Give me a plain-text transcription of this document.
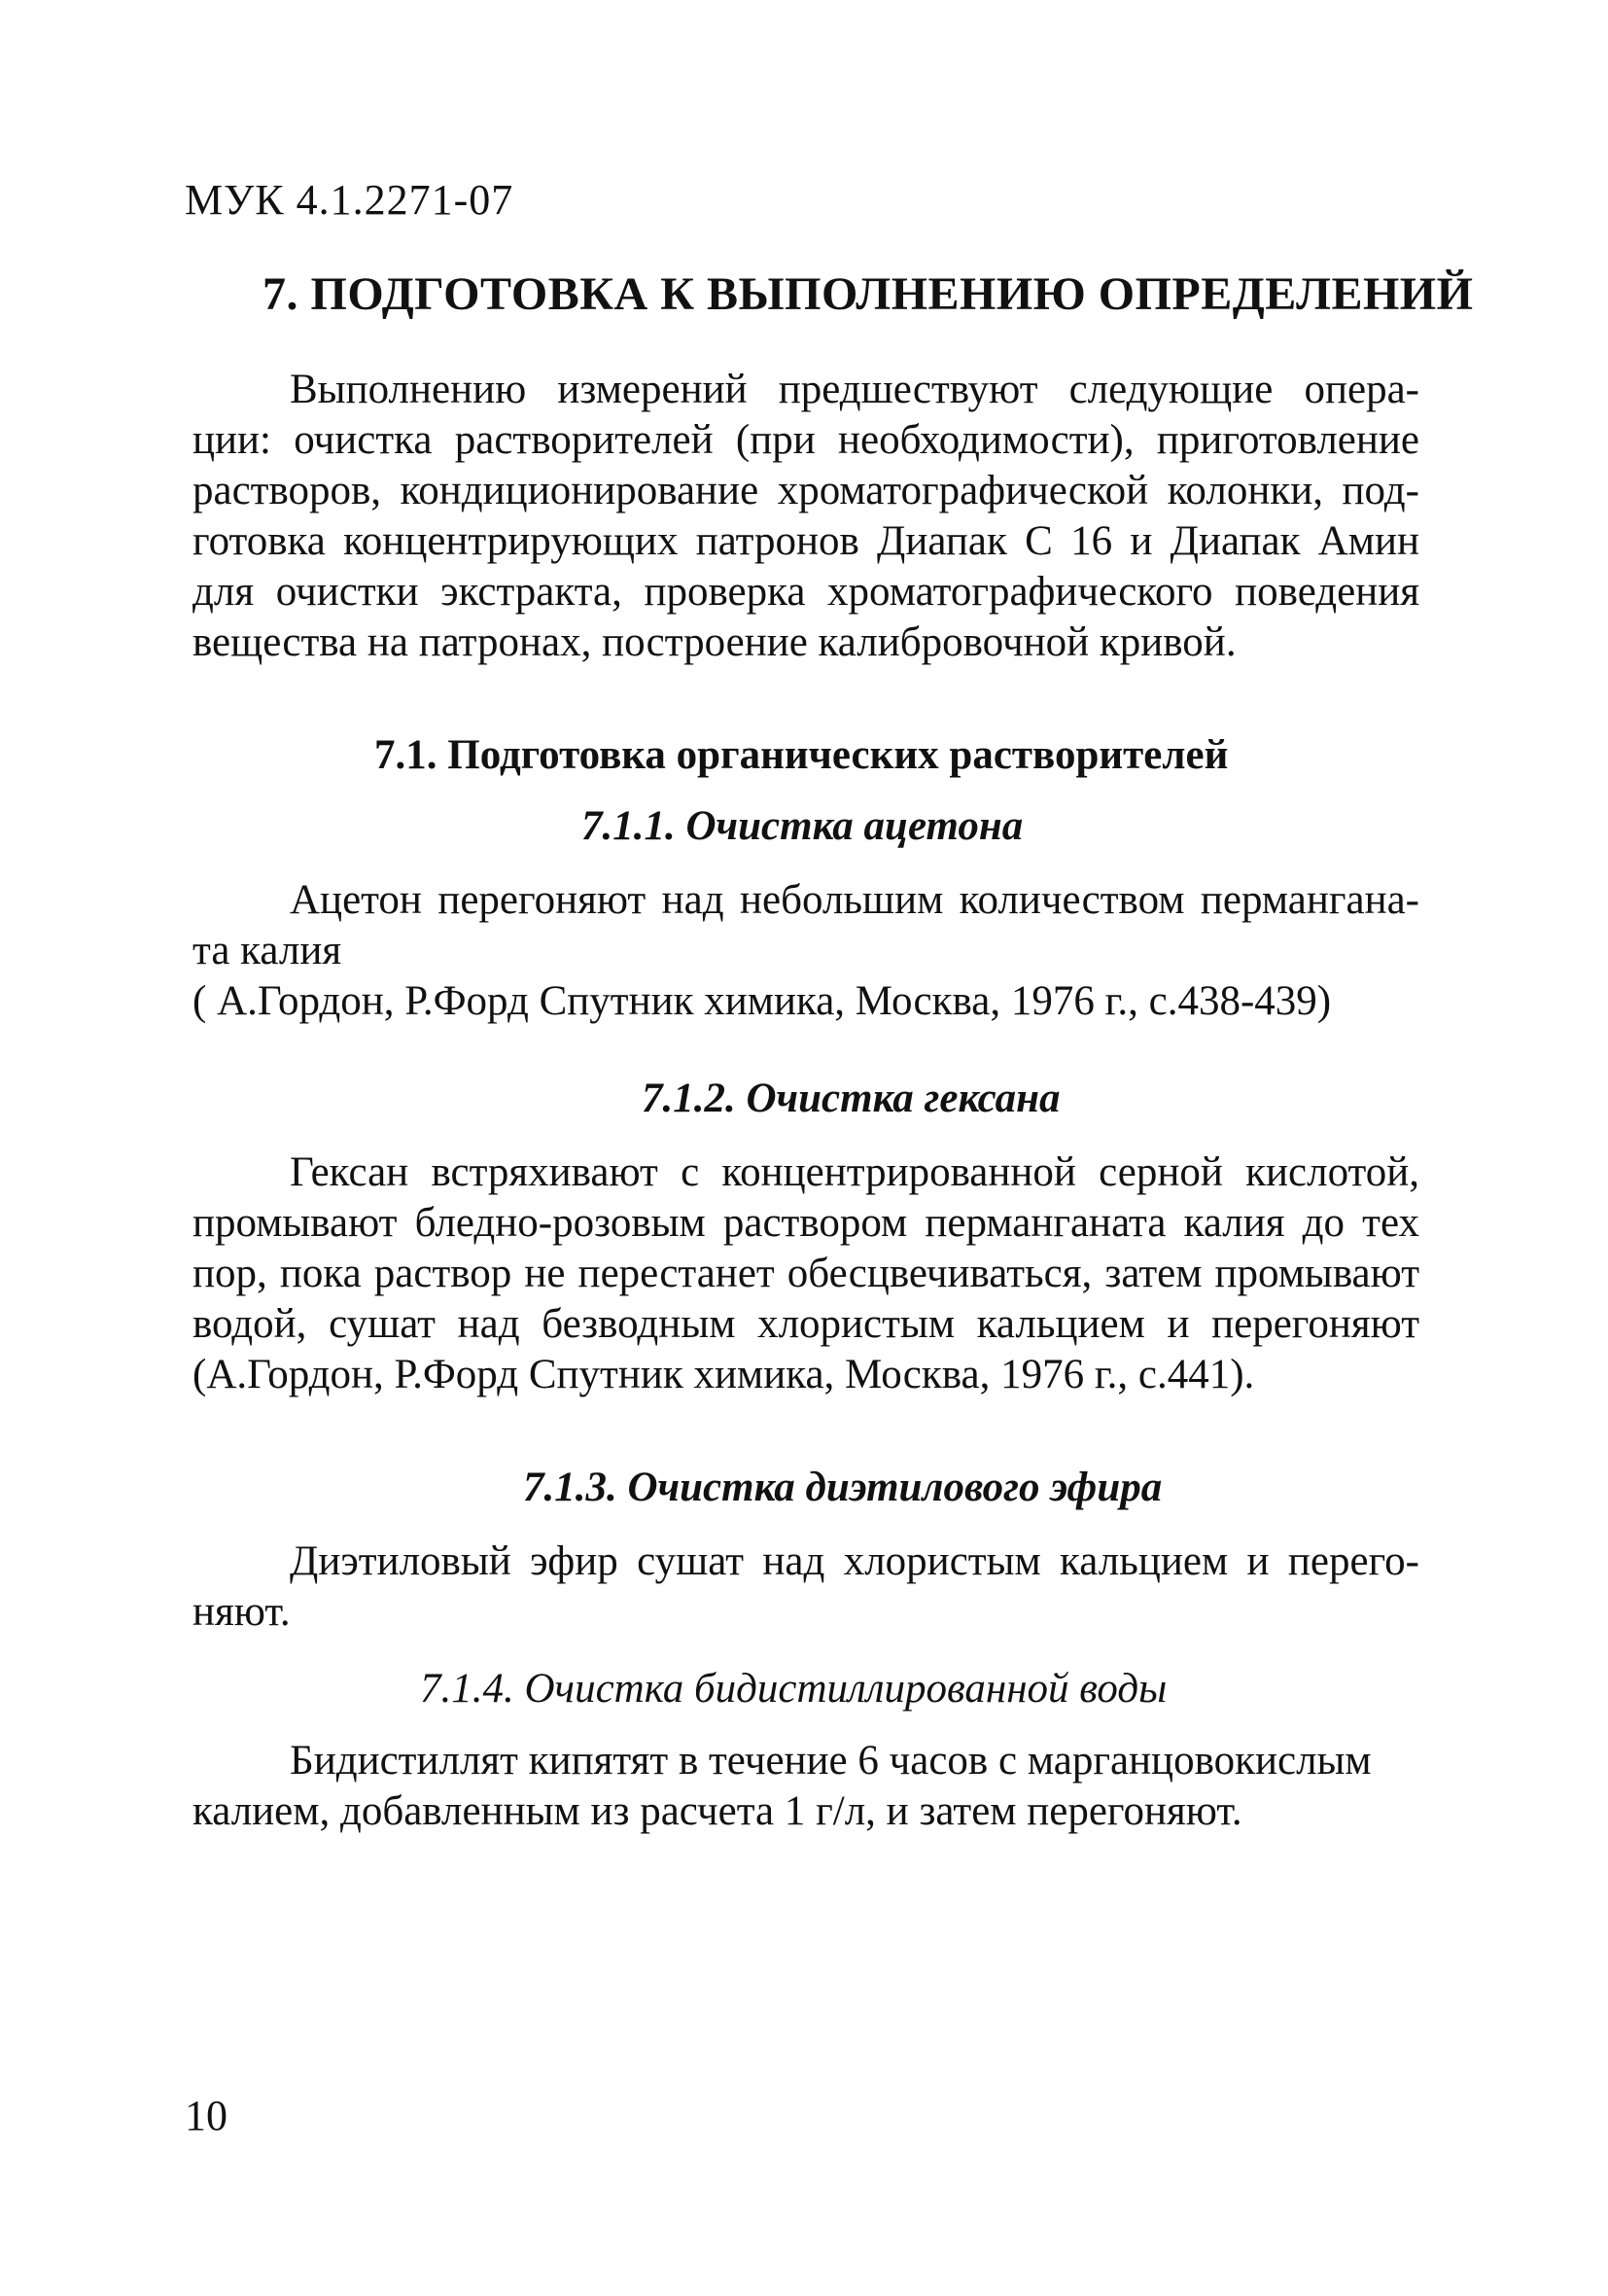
МУК 4.1.2271-07
7. ПОДГОТОВКА К ВЫПОЛНЕНИЮ ОПРЕДЕЛЕНИЙ
Выполнению измерений предшествуют следующие опера-
ции: очистка растворителей (при необходимости), приготовление
растворов, кондиционирование хроматографической колонки, под-
готовка концентрирующих патронов Диапак С 16 и Диапак Амин
для очистки экстракта, проверка хроматографического поведения
вещества на патронах, построение калибровочной кривой.
7.1. Подготовка органических растворителей
7.1.1. Очистка ацетона
Ацетон перегоняют над небольшим количеством пермангана-
та калия
( А.Гордон, Р.Форд Спутник химика, Москва, 1976 г., с.438-439)
7.1.2. Очистка гексана
Гексан встряхивают с концентрированной серной кислотой,
промывают бледно-розовым раствором перманганата калия до тех
пор, пока раствор не перестанет обесцвечиваться, затем промывают
водой, сушат над безводным хлористым кальцием и перегоняют
(А.Гордон, Р.Форд Спутник химика, Москва, 1976 г., с.441).
7.1.3. Очистка диэтилового эфира
Диэтиловый эфир сушат над хлористым кальцием и перего-
няют.
7.1.4. Очистка бидистиллированной воды
Бидистиллят кипятят в течение 6 часов с марганцовокислым
калием, добавленным из расчета 1 г/л, и затем перегоняют.
10
